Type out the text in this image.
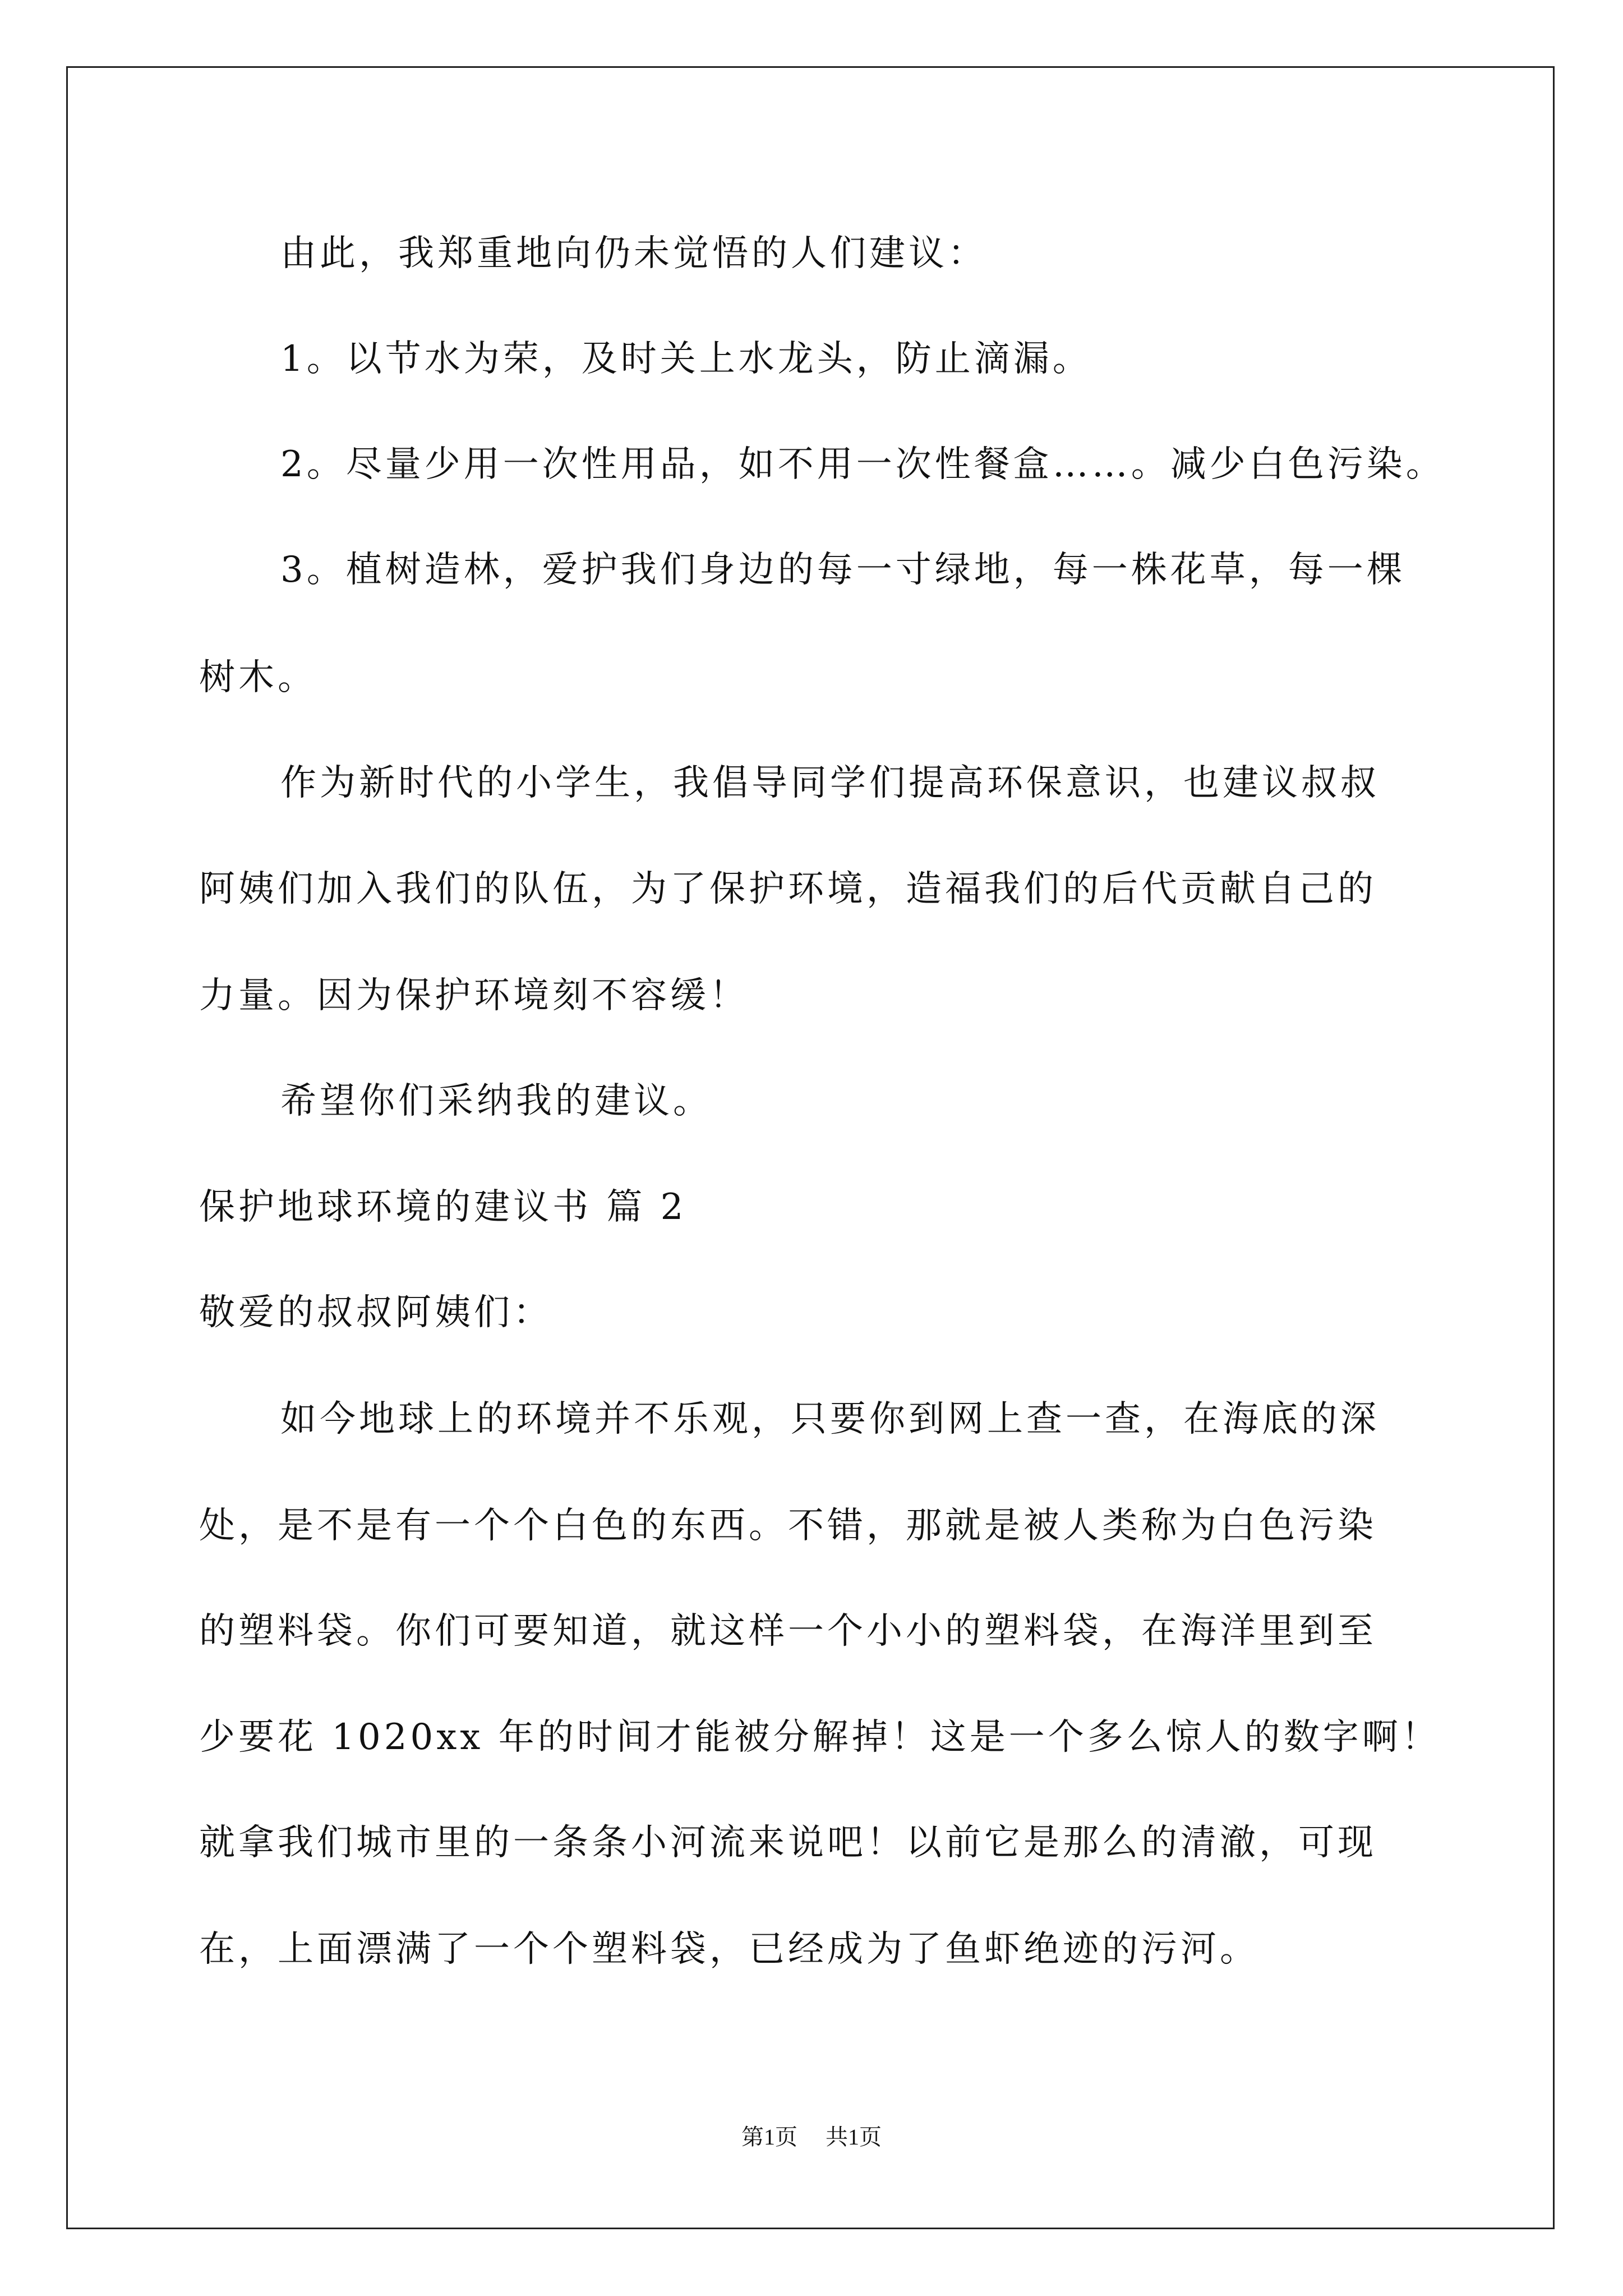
由此，我郑重地向仍未觉悟的人们建议：
1。以节水为荣，及时关上水龙头，防止滴漏。
2。尽量少用一次性用品，如不用一次性餐盒……。减少白色污染。
3。植树造林，爱护我们身边的每一寸绿地，每一株花草，每一棵
树木。
作为新时代的小学生，我倡导同学们提高环保意识，也建议叔叔
阿姨们加入我们的队伍，为了保护环境，造福我们的后代贡献自己的
力量。因为保护环境刻不容缓！
希望你们采纳我的建议。
保护地球环境的建议书 篇 2
敬爱的叔叔阿姨们：
如今地球上的环境并不乐观，只要你到网上查一查，在海底的深
处，是不是有一个个白色的东西。不错，那就是被人类称为白色污染
的塑料袋。你们可要知道，就这样一个小小的塑料袋，在海洋里到至
少要花 1020xx 年的时间才能被分解掉！这是一个多么惊人的数字啊！
就拿我们城市里的一条条小河流来说吧！以前它是那么的清澈，可现
在，上面漂满了一个个塑料袋，已经成为了鱼虾绝迹的污河。
第1页 共1页
